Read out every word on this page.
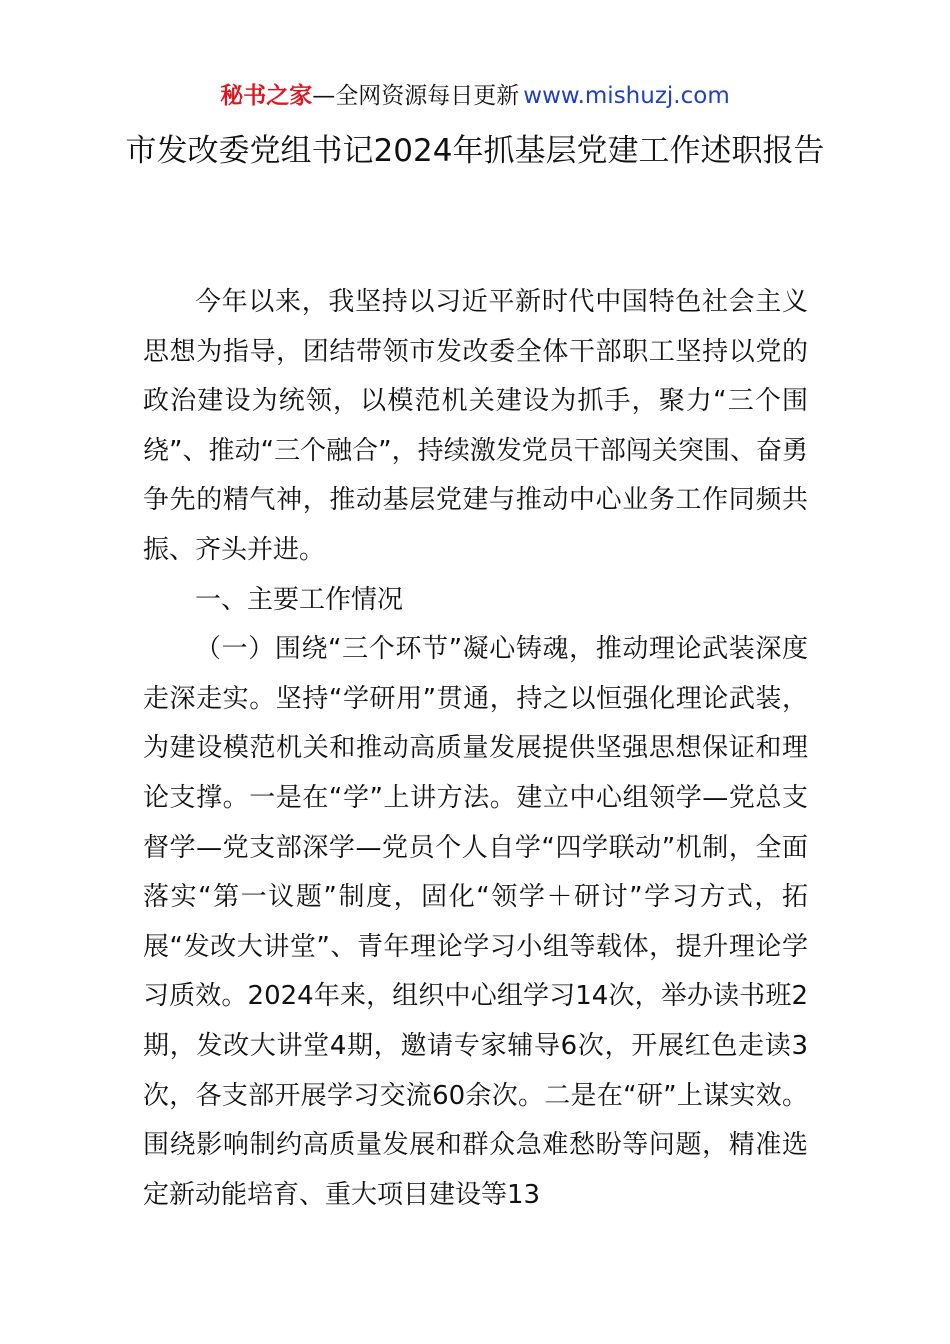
秘书之家—全网资源每日更新 www.mishuzj.com
市发改委党组书记2024年抓基层党建工作述职报告

今年以来，我坚持以习近平新时代中国特色社会主义思想为指导，团结带领市发改委全体干部职工坚持以党的政治建设为统领，以模范机关建设为抓手，聚力“三个围绕”、推动“三个融合”，持续激发党员干部闯关突围、奋勇争先的精气神，推动基层党建与推动中心业务工作同频共振、齐头并进。

一、主要工作情况

（一）围绕“三个环节”凝心铸魂，推动理论武装深度走深走实。坚持“学研用”贯通，持之以恒强化理论武装，为建设模范机关和推动高质量发展提供坚强思想保证和理论支撑。一是在“学”上讲方法。建立中心组领学—党总支督学—党支部深学—党员个人自学“四学联动”机制，全面落实“第一议题”制度，固化“领学＋研讨”学习方式，拓展“发改大讲堂”、青年理论学习小组等载体，提升理论学习质效。2024年来，组织中心组学习14次，举办读书班2期，发改大讲堂4期，邀请专家辅导6次，开展红色走读3次，各支部开展学习交流60余次。二是在“研”上谋实效。围绕影响制约高质量发展和群众急难愁盼等问题，精准选定新动能培育、重大项目建设等13
